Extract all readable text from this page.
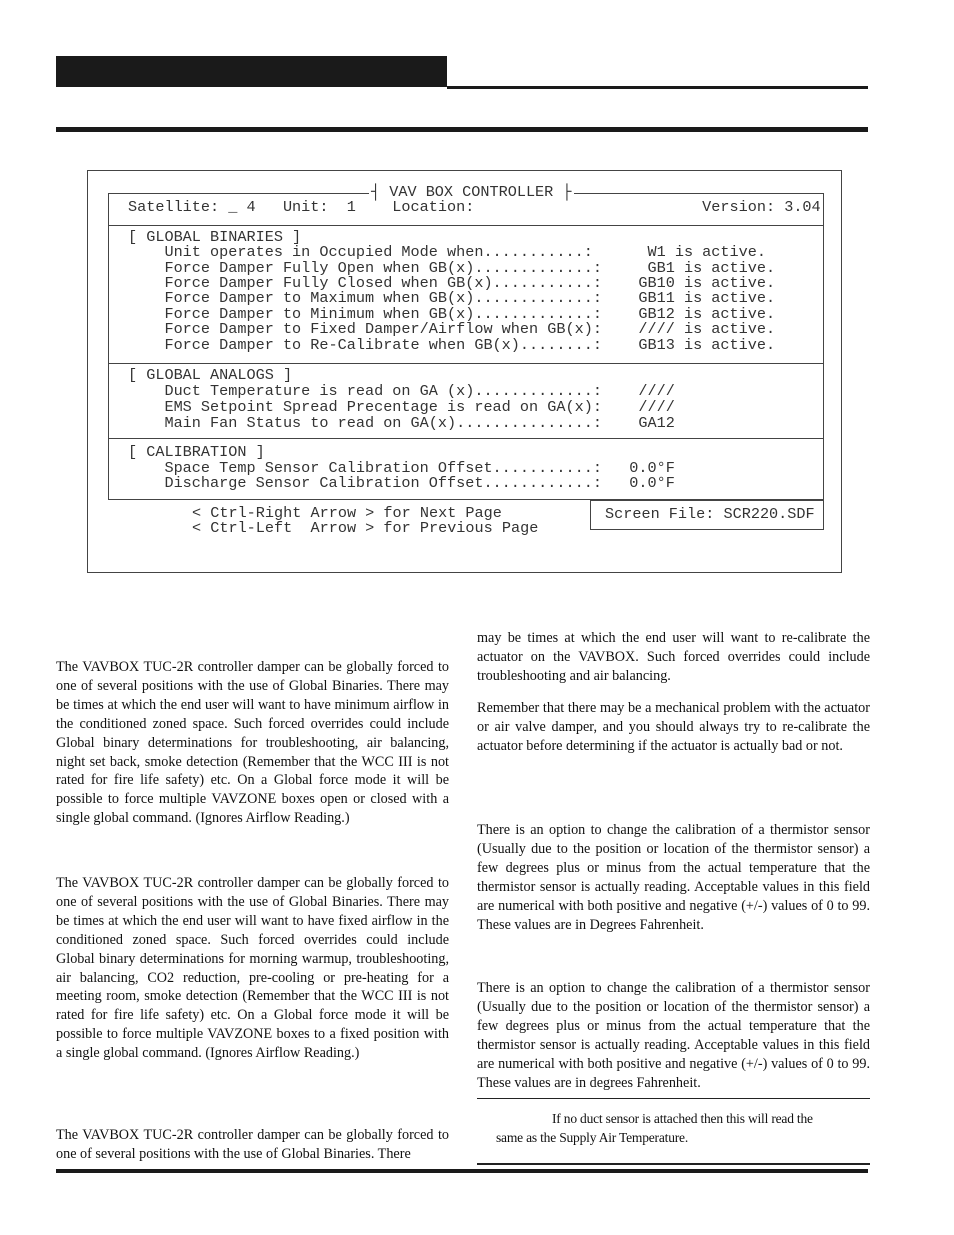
┤ VAV BOX CONTROLLER ├
Satellite: _ 4   Unit:  1    Location:                         Version: 3.04
[ GLOBAL BINARIES ]
Unit operates in Occupied Mode when...........:      W1 is active.
Force Damper Fully Open when GB(x).............:     GB1 is active.
Force Damper Fully Closed when GB(x)...........:    GB10 is active.
Force Damper to Maximum when GB(x).............:    GB11 is active.
Force Damper to Minimum when GB(x).............:    GB12 is active.
Force Damper to Fixed Damper/Airflow when GB(x):    //// is active.
Force Damper to Re-Calibrate when GB(x)........:    GB13 is active.
[ GLOBAL ANALOGS ]
Duct Temperature is read on GA (x).............:    ////
EMS Setpoint Spread Precentage is read on GA(x):    ////
Main Fan Status to read on GA(x)...............:    GA12
[ CALIBRATION ]
Space Temp Sensor Calibration Offset...........:   0.0°F
Discharge Sensor Calibration Offset............:   0.0°F
< Ctrl-Right Arrow > for Next Page
< Ctrl-Left  Arrow > for Previous Page
Screen File: SCR220.SDF

The VAVBOX TUC-2R controller damper can be globally forced to one of several positions with the use of Global Binaries. There may be times at which the end user will want to have minimum airflow in the conditioned zoned space. Such forced overrides could include Global binary determinations for troubleshooting, air balancing, night set back, smoke detection (Remember that the WCC III is not rated for fire life safety) etc. On a Global force mode it will be possible to force multiple VAVZONE boxes open or closed with a single global command. (Ignores Airflow Reading.)

The VAVBOX TUC-2R controller damper can be globally forced to one of several positions with the use of Global Binaries. There may be times at which the end user will want to have fixed airflow in the conditioned zoned space. Such forced overrides could include Global binary determinations for morning warmup, troubleshooting, air balancing, CO2 reduction, pre-cooling or pre-heating for a meeting room, smoke detection (Remember that the WCC III is not rated for fire life safety) etc. On a Global force mode it will be possible to force multiple VAVZONE boxes to a fixed position with a single global command. (Ignores Airflow Reading.)

The VAVBOX TUC-2R controller damper can be globally forced to one of several positions with the use of Global Binaries. There

may be times at which the end user will want to re-calibrate the actuator on the VAVBOX. Such forced overrides could include troubleshooting and air balancing.

Remember that there may be a mechanical problem with the actuator or air valve damper, and you should always try to re-calibrate the actuator before determining if the actuator is actually bad or not.

There is an option to change the calibration of a thermistor sensor (Usually due to the position or location of the thermistor sensor) a few degrees plus or minus from the actual temperature that the thermistor sensor is actually reading. Acceptable values in this field are numerical with both positive and negative (+/-) values of 0 to 99. These values are in Degrees Fahrenheit.

There is an option to change the calibration of a thermistor sensor (Usually due to the position or location of the thermistor sensor) a few degrees plus or minus from the actual temperature that the thermistor sensor is actually reading. Acceptable values in this field are numerical with both positive and negative (+/-) values of 0 to 99. These values are in degrees Fahrenheit.

If no duct sensor is attached then this will read the
same as the Supply Air Temperature.
